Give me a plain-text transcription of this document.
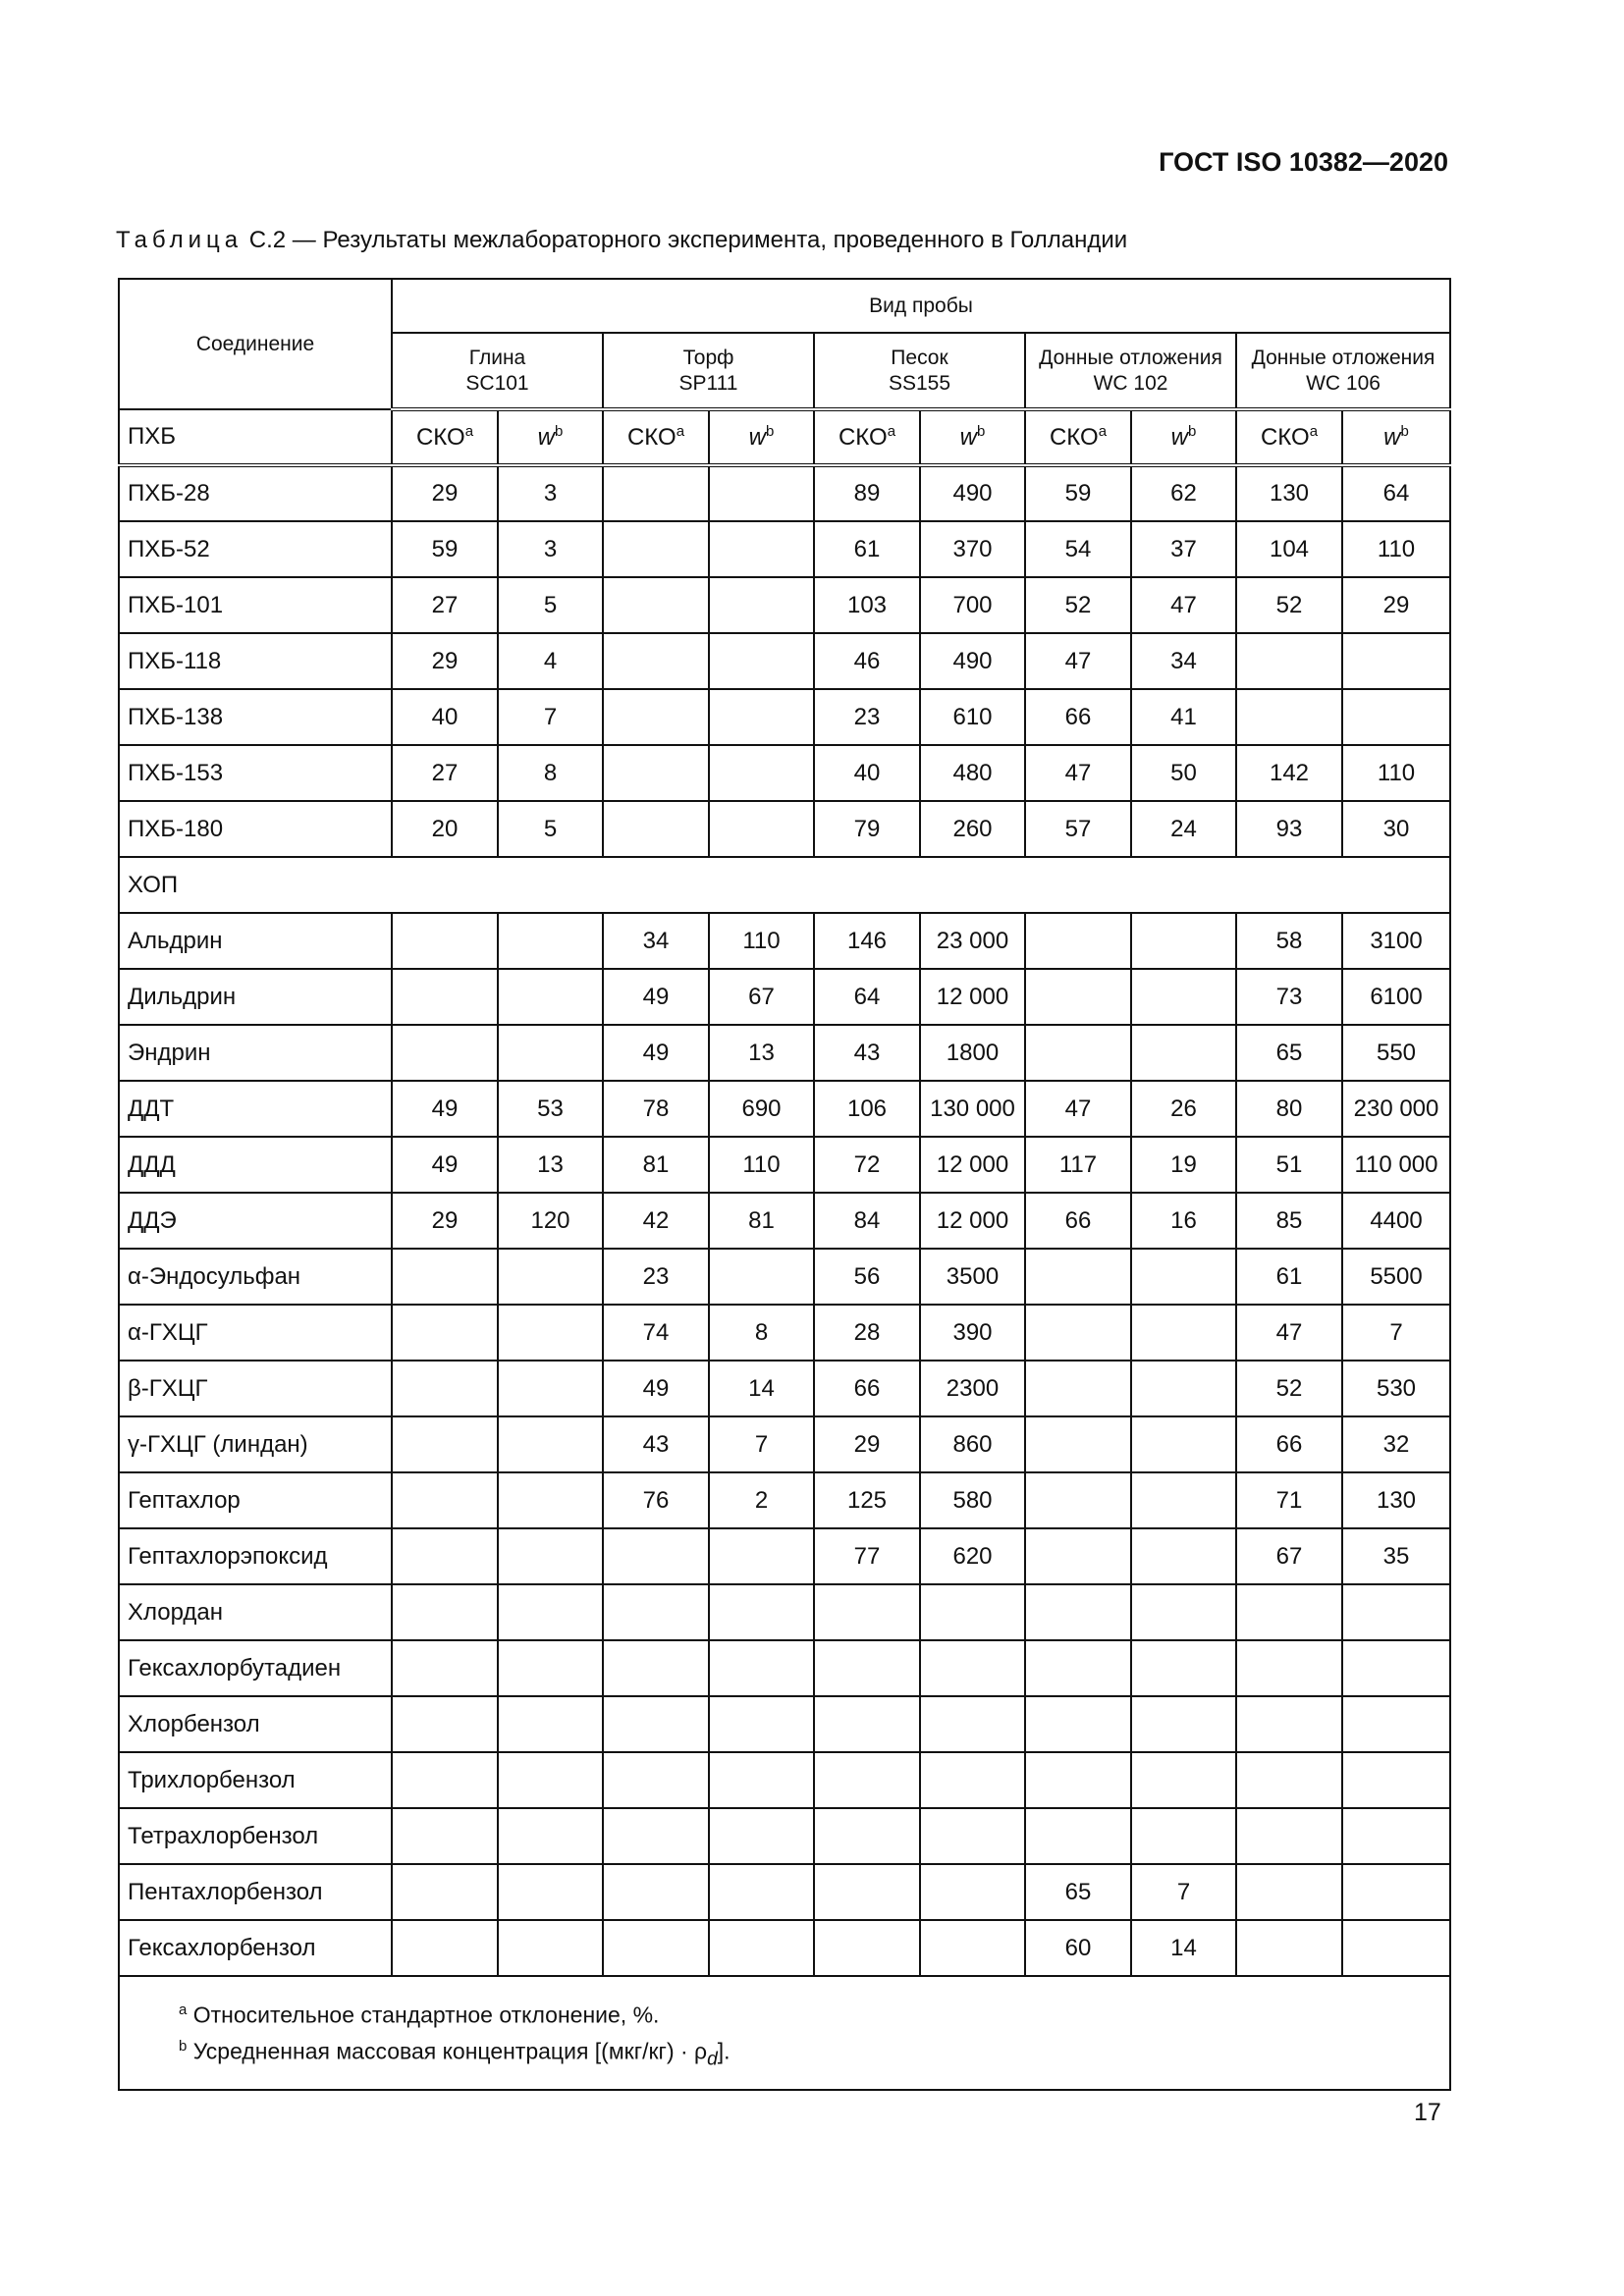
ГОСТ ISO 10382—2020
Таблица С.2 — Результаты межлабораторного эксперимента, проведенного в Голландии
Соединение	Вид пробы									
	Глина
SC101		Торф
SP111		Песок
SS155		Донные отложения
WC 102		Донные отложения
WC 106	
ПХБ	СКО$^a$	$w^b$	СКО$^a$	$w^b$	СКО$^a$	$w^b$	СКО$^a$	$w^b$	СКО$^a$	$w^b$
ПХБ-28	29	3			89	490	59	62	130	64
ПХБ-52	59	3			61	370	54	37	104	110
ПХБ-101	27	5			103	700	52	47	52	29
ПХБ-118	29	4			46	490	47	34		
ПХБ-138	40	7			23	610	66	41		
ПХБ-153	27	8			40	480	47	50	142	110
ПХБ-180	20	5			79	260	57	24	93	30
ХОП										
Альдрин			34	110	146	23 000			58	3100
Дильдрин			49	67	64	12 000			73	6100
Эндрин			49	13	43	1800			65	550
ДДТ	49	53	78	690	106	130 000	47	26	80	230 000
ДДД	49	13	81	110	72	12 000	117	19	51	110 000
ДДЭ	29	120	42	81	84	12 000	66	16	85	4400
α-Эндосульфан			23		56	3500			61	5500
α-ГХЦГ			74	8	28	390			47	7
β-ГХЦГ			49	14	66	2300			52	530
γ-ГХЦГ (линдан)			43	7	29	860			66	32
Гептахлор			76	2	125	580			71	130
Гептахлорэпоксид					77	620			67	35
Хлордан										
Гексахлорбутадиен										
Хлорбензол										
Трихлорбензол										
Тетрахлорбензол										
Пентахлорбензол							65	7		
Гексахлорбензол							60	14		

$^a$ Относительное стандартное отклонение, %.
$^b$ Усредненная массовая концентрация $[(мкг/кг) \cdot \rho_d]$.										
17
